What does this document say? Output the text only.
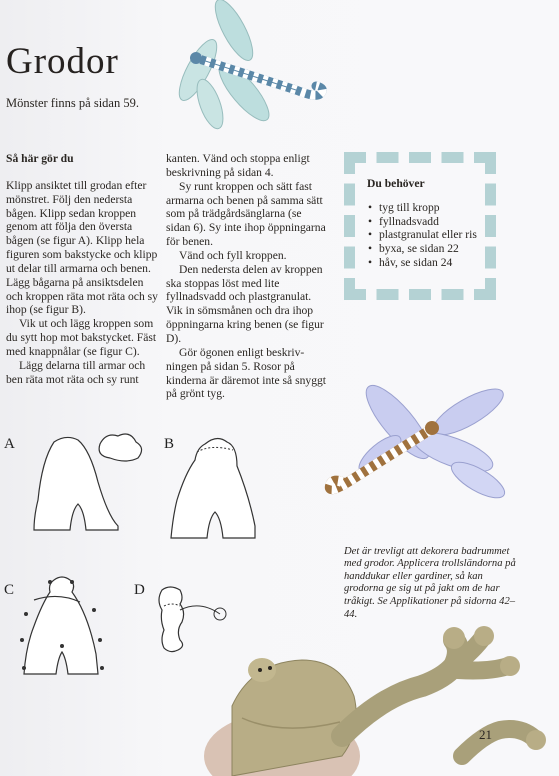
Grodor

Mönster finns på sidan 59.

Så här gör du

Klipp ansiktet till grodan efter mönstret. Följ den nedersta bågen. Klipp sedan kroppen genom att följa den översta bågen (se figur A). Klipp hela figuren som bakstycke och klipp ut delar till armarna och benen. Lägg bågarna på ansiktsdelen och kroppen räta mot räta och sy ihop (se figur B).

Vik ut och lägg kroppen som du sytt hop mot bakstycket. Fäst med knappnålar (se figur C).

Lägg delarna till armar och ben räta mot räta och sy runt

kanten. Vänd och stoppa enligt beskrivning på sidan 4.

Sy runt kroppen och sätt fast armarna och benen på samma sätt som på trädgårdsänglarna (se sidan 6). Sy inte ihop öppningarna för benen.

Vänd och fyll kroppen.

Den nedersta delen av kroppen ska stoppas löst med lite fyllnadsvadd och plastgranulat. Vik in sömsmånen och dra ihop öppningarna kring benen (se figur D).

Gör ögonen enligt beskrivningen på sidan 5. Rosor på kinderna är däremot inte så snyggt på grönt tyg.

Du behöver
• tyg till kropp
• fyllnadsvadd
• plastgranulat eller ris
• byxa, se sidan 22
• håv, se sidan 24
A	B
C	D

Det är trevligt att dekorera badrummet med grodor. Applicera trollsländorna på handdukar eller gardiner, så kan grodorna ge sig ut på jakt om de har tråkigt. Se Applikationer på sidorna 42–44.

21
